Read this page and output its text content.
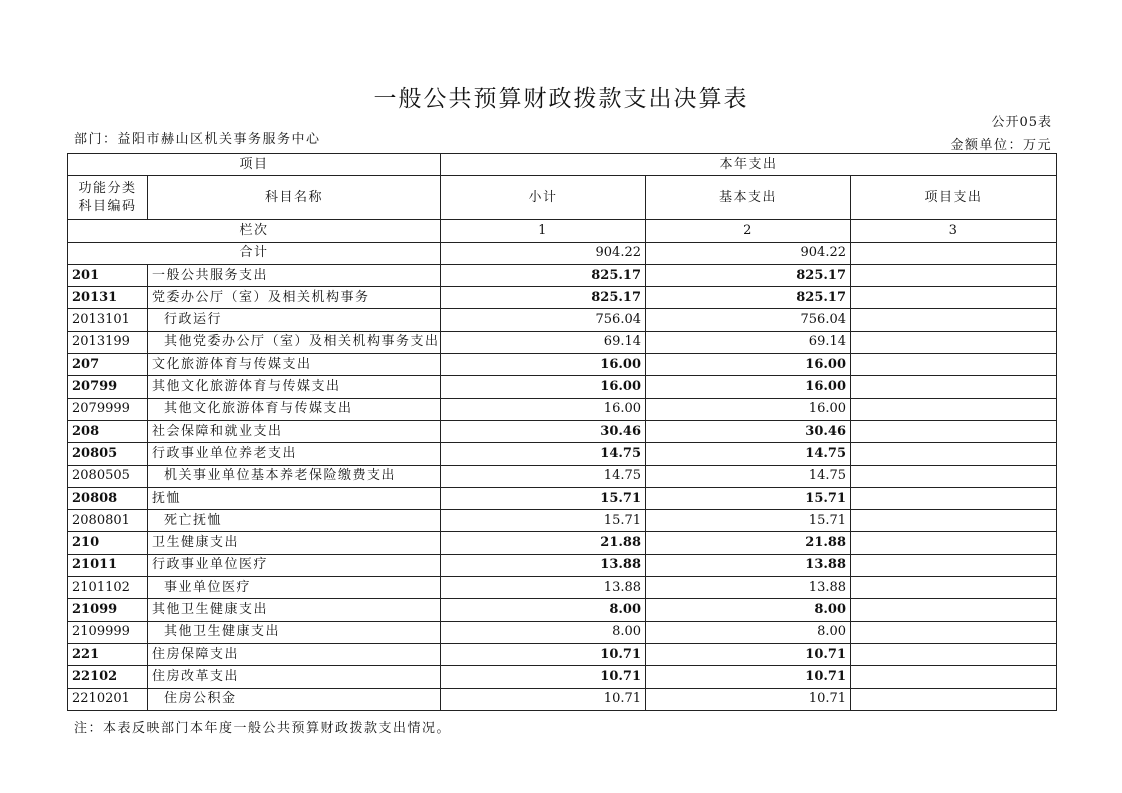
一般公共预算财政拨款支出决算表
公开05表
部门：益阳市赫山区机关事务服务中心	金额单位：万元
项目		本年支出		
功能分类科目编码	科目名称	小计	基本支出	项目支出
栏次		1	2	3
合计		904.22	904.22	
201	一般公共服务支出	825.17	825.17	
20131	党委办公厅（室）及相关机构事务	825.17	825.17	
2013101	行政运行	756.04	756.04	
2013199	其他党委办公厅（室）及相关机构事务支出	69.14	69.14	
207	文化旅游体育与传媒支出	16.00	16.00	
20799	其他文化旅游体育与传媒支出	16.00	16.00	
2079999	其他文化旅游体育与传媒支出	16.00	16.00	
208	社会保障和就业支出	30.46	30.46	
20805	行政事业单位养老支出	14.75	14.75	
2080505	机关事业单位基本养老保险缴费支出	14.75	14.75	
20808	抚恤	15.71	15.71	
2080801	死亡抚恤	15.71	15.71	
210	卫生健康支出	21.88	21.88	
21011	行政事业单位医疗	13.88	13.88	
2101102	事业单位医疗	13.88	13.88	
21099	其他卫生健康支出	8.00	8.00	
2109999	其他卫生健康支出	8.00	8.00	
221	住房保障支出	10.71	10.71	
22102	住房改革支出	10.71	10.71	
2210201	住房公积金	10.71	10.71	
注：本表反映部门本年度一般公共预算财政拨款支出情况。
